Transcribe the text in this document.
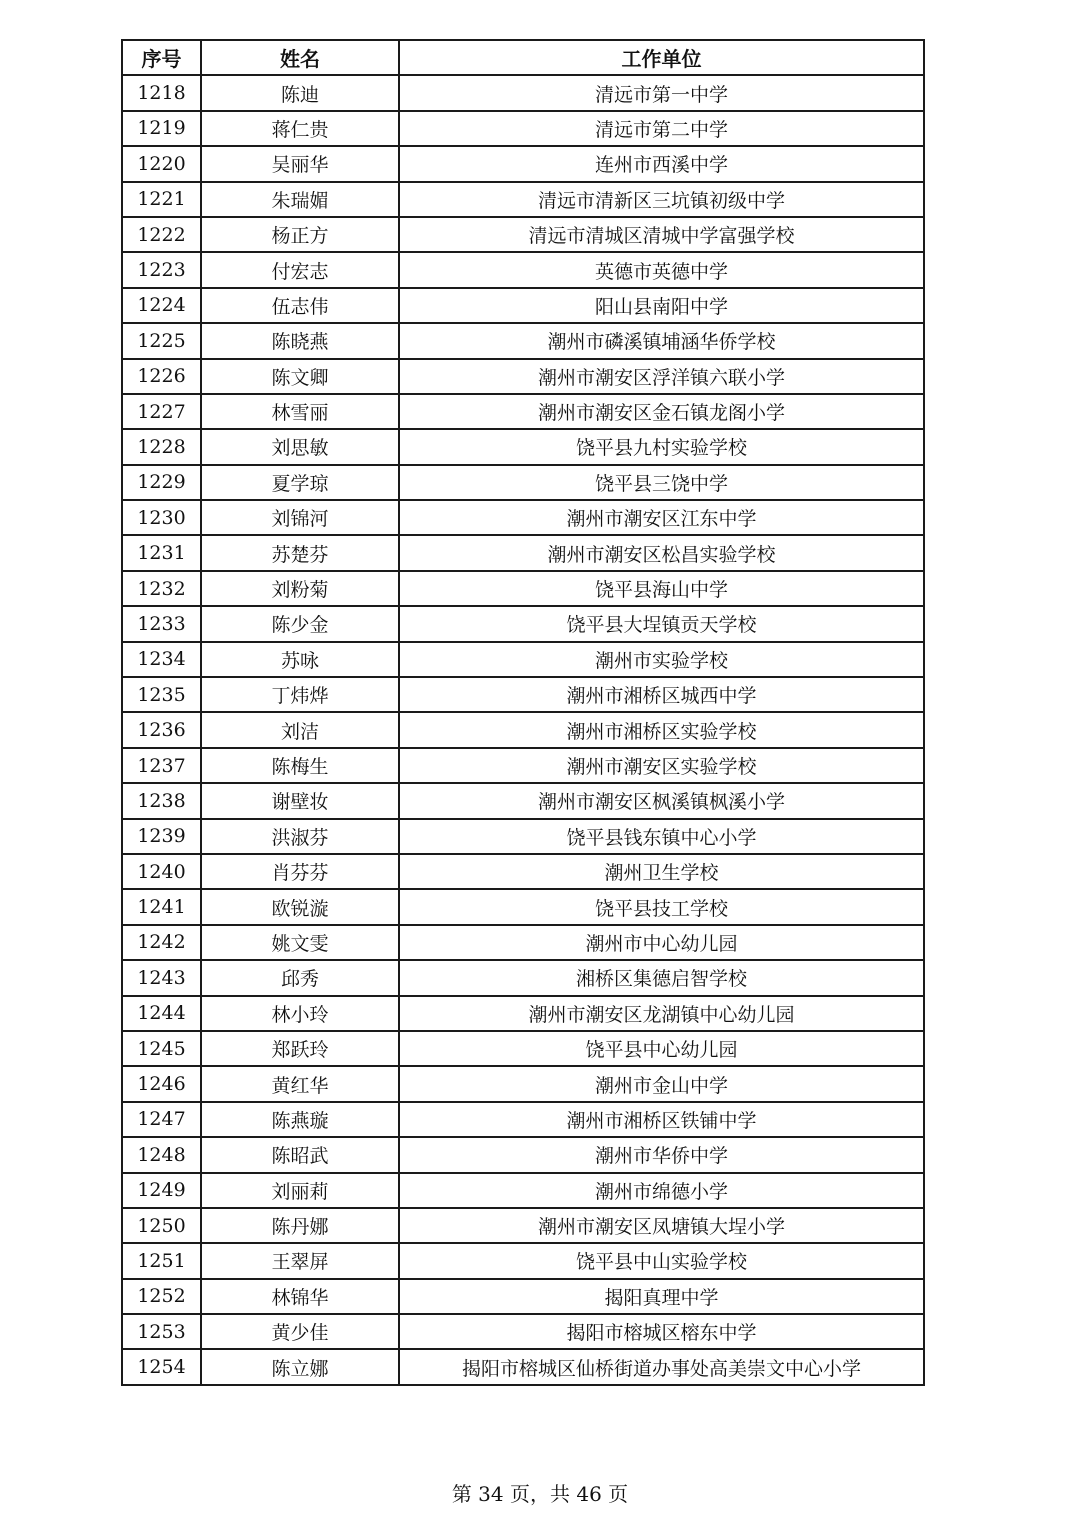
序号	姓名	工作单位
1218	陈迪	清远市第一中学
1219	蒋仁贵	清远市第二中学
1220	吴丽华	连州市西溪中学
1221	朱瑞媚	清远市清新区三坑镇初级中学
1222	杨正方	清远市清城区清城中学富强学校
1223	付宏志	英德市英德中学
1224	伍志伟	阳山县南阳中学
1225	陈晓燕	潮州市磷溪镇埔涵华侨学校
1226	陈文卿	潮州市潮安区浮洋镇六联小学
1227	林雪丽	潮州市潮安区金石镇龙阁小学
1228	刘思敏	饶平县九村实验学校
1229	夏学琼	饶平县三饶中学
1230	刘锦河	潮州市潮安区江东中学
1231	苏楚芬	潮州市潮安区松昌实验学校
1232	刘粉菊	饶平县海山中学
1233	陈少金	饶平县大埕镇贡天学校
1234	苏咏	潮州市实验学校
1235	丁炜烨	潮州市湘桥区城西中学
1236	刘洁	潮州市湘桥区实验学校
1237	陈梅生	潮州市潮安区实验学校
1238	谢壁妆	潮州市潮安区枫溪镇枫溪小学
1239	洪淑芬	饶平县钱东镇中心小学
1240	肖芬芬	潮州卫生学校
1241	欧锐漩	饶平县技工学校
1242	姚文雯	潮州市中心幼儿园
1243	邱秀	湘桥区集德启智学校
1244	林小玲	潮州市潮安区龙湖镇中心幼儿园
1245	郑跃玲	饶平县中心幼儿园
1246	黄红华	潮州市金山中学
1247	陈燕璇	潮州市湘桥区铁铺中学
1248	陈昭武	潮州市华侨中学
1249	刘丽莉	潮州市绵德小学
1250	陈丹娜	潮州市潮安区凤塘镇大埕小学
1251	王翠屏	饶平县中山实验学校
1252	林锦华	揭阳真理中学
1253	黄少佳	揭阳市榕城区榕东中学
1254	陈立娜	揭阳市榕城区仙桥街道办事处高美崇文中心小学
第 34 页，共 46 页
